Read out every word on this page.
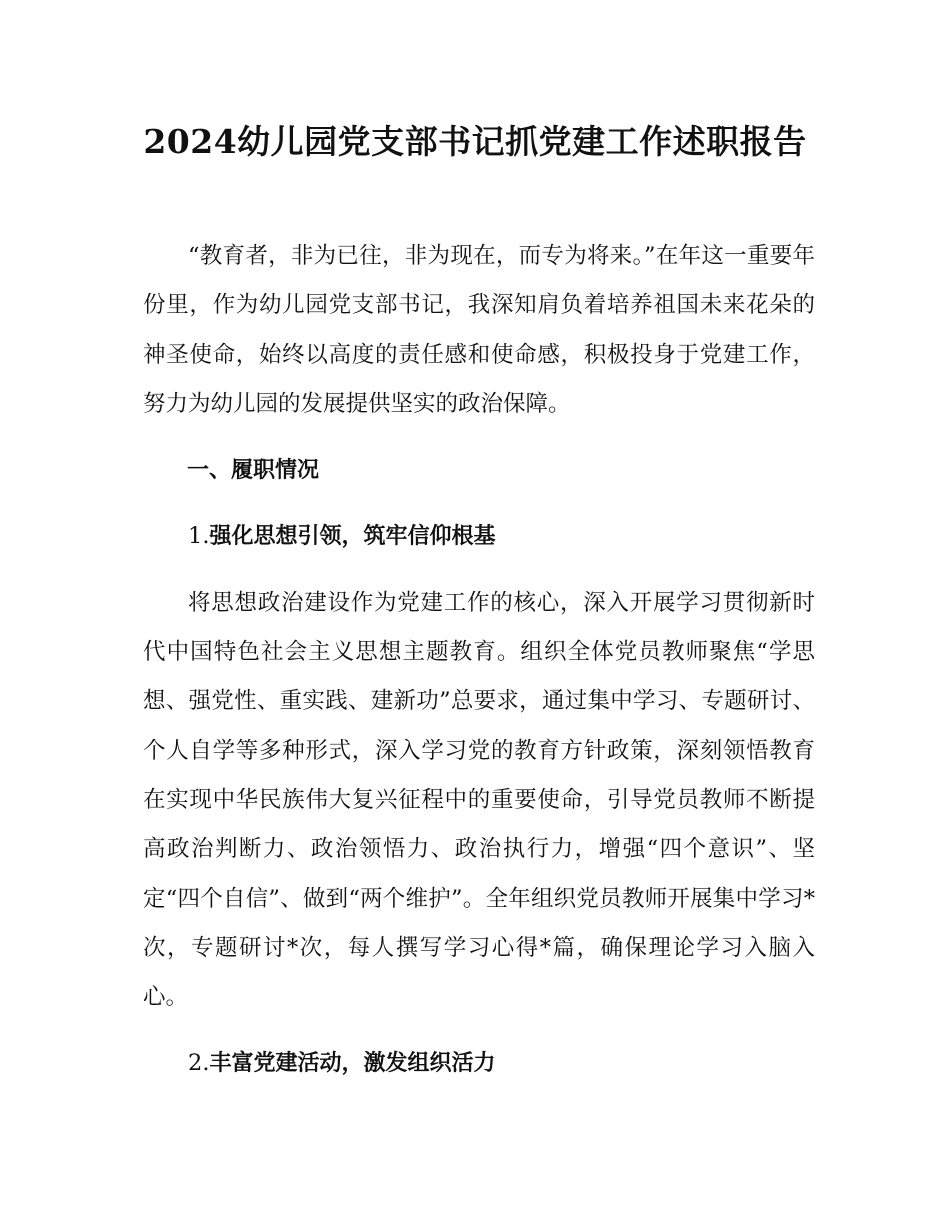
2024幼儿园党支部书记抓党建工作述职报告

“教育者，非为已往，非为现在，而专为将来。”在年这一重要年份里，作为幼儿园党支部书记，我深知肩负着培养祖国未来花朵的神圣使命，始终以高度的责任感和使命感，积极投身于党建工作，努力为幼儿园的发展提供坚实的政治保障。

一、履职情况
1.强化思想引领，筑牢信仰根基

将思想政治建设作为党建工作的核心，深入开展学习贯彻新时代中国特色社会主义思想主题教育。组织全体党员教师聚焦“学思想、强党性、重实践、建新功”总要求，通过集中学习、专题研讨、个人自学等多种形式，深入学习党的教育方针政策，深刻领悟教育在实现中华民族伟大复兴征程中的重要使命，引导党员教师不断提高政治判断力、政治领悟力、政治执行力，增强“四个意识”、坚定“四个自信”、做到“两个维护”。全年组织党员教师开展集中学习*次，专题研讨*次，每人撰写学习心得*篇，确保理论学习入脑入心。

2.丰富党建活动，激发组织活力
